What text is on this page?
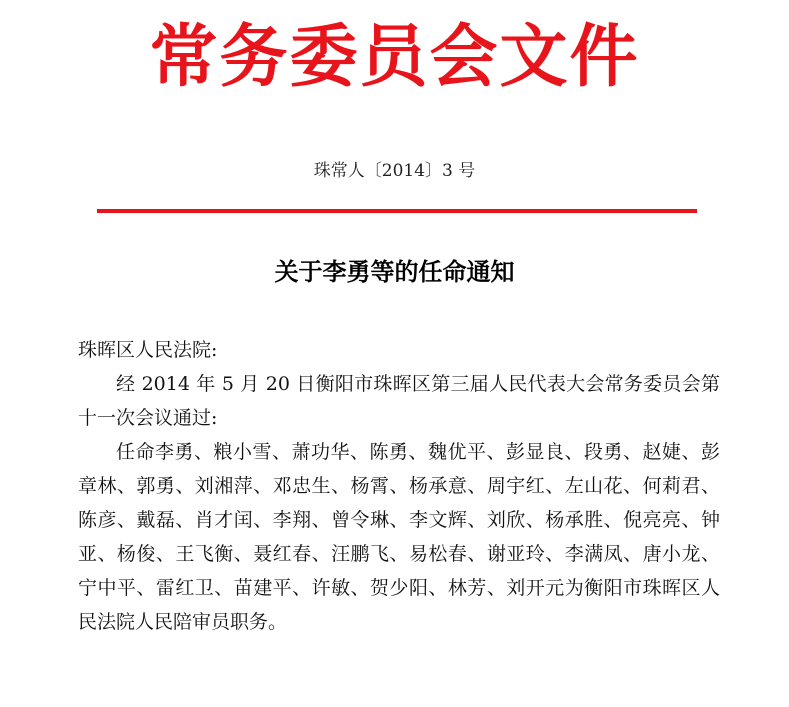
常务委员会文件
珠常人〔2014〕3 号
关于李勇等的任命通知

珠晖区人民法院:

经 2014 年 5 月 20 日衡阳市珠晖区第三届人民代表大会常务委员会第十一次会议通过:

任命李勇、粮小雪、萧功华、陈勇、魏优平、彭显良、段勇、赵婕、彭章林、郭勇、刘湘萍、邓忠生、杨霄、杨承意、周宇红、左山花、何莉君、陈彦、戴磊、肖才闰、李翔、曾令琳、李文辉、刘欣、杨承胜、倪亮亮、钟亚、杨俊、王飞衡、聂红春、汪鹏飞、易松春、谢亚玲、李满凤、唐小龙、宁中平、雷红卫、苗建平、许敏、贺少阳、林芳、刘开元为衡阳市珠晖区人民法院人民陪审员职务。
